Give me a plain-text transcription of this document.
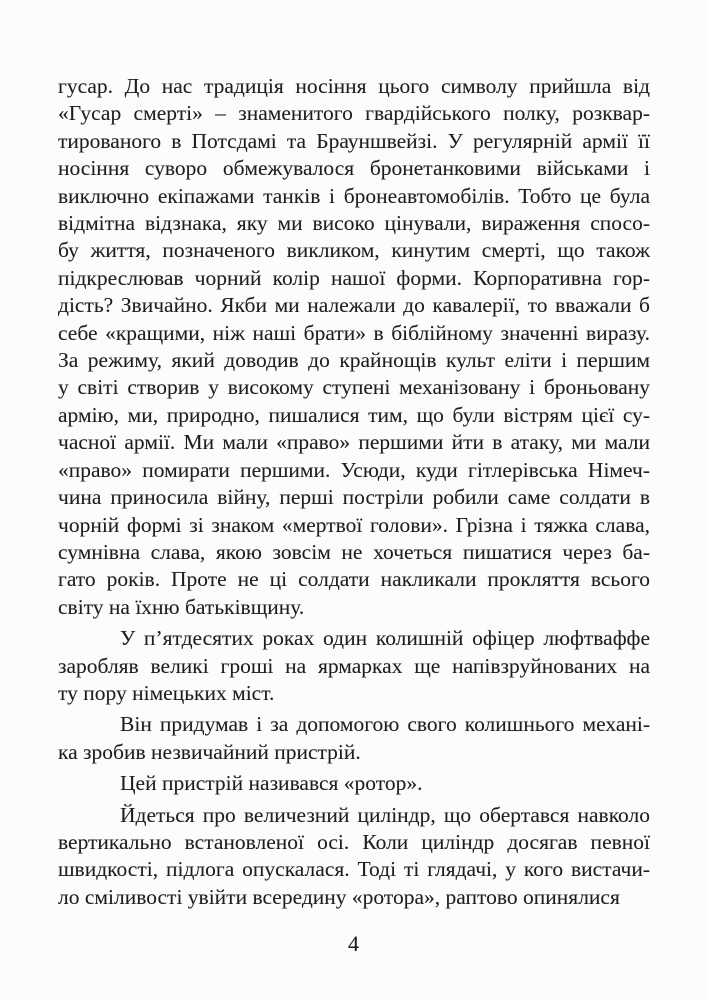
гусар. До нас традиція носіння цього символу прийшла від
«Гусар смерті» – знаменитого гвардійського полку, розквар-
тированого в Потсдамі та Брауншвейзі. У регулярній армії її
носіння суворо обмежувалося бронетанковими військами і
виключно екіпажами танків і бронеавтомобілів. Тобто це була
відмітна відзнака, яку ми високо цінували, вираження спосо-
бу життя, позначеного викликом, кинутим смерті, що також
підкреслював чорний колір нашої форми. Корпоративна гор-
дість? Звичайно. Якби ми належали до кавалерії, то вважали б
себе «кращими, ніж наші брати» в біблійному значенні виразу.
За режиму, який доводив до крайнощів культ еліти і першим
у світі створив у високому ступені механізовану і броньовану
армію, ми, природно, пишалися тим, що були вістрям цієї су-
часної армії. Ми мали «право» першими йти в атаку, ми мали
«право» помирати першими. Усюди, куди гітлерівська Німеч-
чина приносила війну, перші постріли робили саме солдати в
чорній формі зі знаком «мертвої голови». Грізна і тяжка слава,
сумнівна слава, якою зовсім не хочеться пишатися через ба-
гато років. Проте не ці солдати накликали прокляття всього
світу на їхню батьківщину.
У п’ятдесятих роках один колишній офіцер люфтваффе
заробляв великі гроші на ярмарках ще напівзруйнованих на
ту пору німецьких міст.
Він придумав і за допомогою свого колишнього механі-
ка зробив незвичайний пристрій.
Цей пристрій називався «ротор».
Йдеться про величезний циліндр, що обертався навколо
вертикально встановленої осі. Коли циліндр досягав певної
швидкості, підлога опускалася. Тоді ті глядачі, у кого вистачи-
ло сміливості увійти всередину «ротора», раптово опинялися
4
